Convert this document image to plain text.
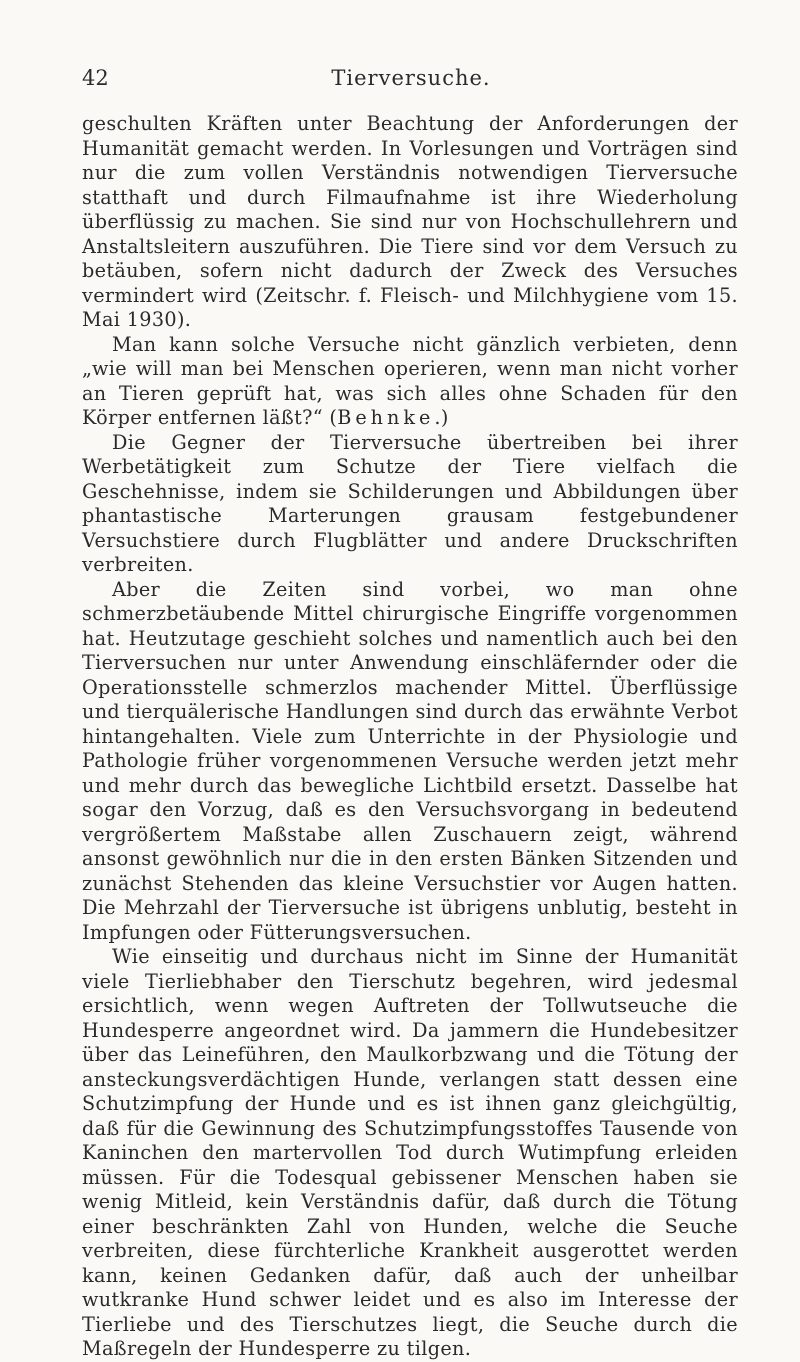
42	Tierversuche.

geschulten Kräften unter Beachtung der Anforderungen der Humanität gemacht werden. In Vorlesungen und Vorträgen sind nur die zum vollen Verständnis notwendigen Tierversuche statthaft und durch Filmaufnahme ist ihre Wiederholung überflüssig zu machen. Sie sind nur von Hochschullehrern und Anstaltsleitern auszuführen. Die Tiere sind vor dem Versuch zu betäuben, sofern nicht dadurch der Zweck des Versuches vermindert wird (Zeitschr. f. Fleisch- und Milchhygiene vom 15. Mai 1930).

Man kann solche Versuche nicht gänzlich verbieten, denn „wie will man bei Menschen operieren, wenn man nicht vorher an Tieren geprüft hat, was sich alles ohne Schaden für den Körper entfernen läßt?“ (Behnke.)

Die Gegner der Tierversuche übertreiben bei ihrer Werbetätigkeit zum Schutze der Tiere vielfach die Geschehnisse, indem sie Schilderungen und Abbildungen über phantastische Marterungen grausam festgebundener Versuchstiere durch Flugblätter und andere Druckschriften verbreiten.

Aber die Zeiten sind vorbei, wo man ohne schmerzbetäubende Mittel chirurgische Eingriffe vorgenommen hat. Heutzutage geschieht solches und namentlich auch bei den Tierversuchen nur unter Anwendung einschläfernder oder die Operationsstelle schmerzlos machender Mittel. Überflüssige und tierquälerische Handlungen sind durch das erwähnte Verbot hintangehalten. Viele zum Unterrichte in der Physiologie und Pathologie früher vorgenommenen Versuche werden jetzt mehr und mehr durch das bewegliche Lichtbild ersetzt. Dasselbe hat sogar den Vorzug, daß es den Versuchsvorgang in bedeutend vergrößertem Maßstabe allen Zuschauern zeigt, während ansonst gewöhnlich nur die in den ersten Bänken Sitzenden und zunächst Stehenden das kleine Versuchstier vor Augen hatten. Die Mehrzahl der Tierversuche ist übrigens unblutig, besteht in Impfungen oder Fütterungsversuchen.

Wie einseitig und durchaus nicht im Sinne der Humanität viele Tierliebhaber den Tierschutz begehren, wird jedesmal ersichtlich, wenn wegen Auftreten der Tollwutseuche die Hundesperre angeordnet wird. Da jammern die Hundebesitzer über das Leineführen, den Maulkorbzwang und die Tötung der ansteckungsverdächtigen Hunde, verlangen statt dessen eine Schutzimpfung der Hunde und es ist ihnen ganz gleichgültig, daß für die Gewinnung des Schutzimpfungsstoffes Tausende von Kaninchen den martervollen Tod durch Wutimpfung erleiden müssen. Für die Todesqual gebissener Menschen haben sie wenig Mitleid, kein Verständnis dafür, daß durch die Tötung einer beschränkten Zahl von Hunden, welche die Seuche verbreiten, diese fürchterliche Krankheit ausgerottet werden kann, keinen Gedanken dafür, daß auch der unheilbar wutkranke Hund schwer leidet und es also im Interesse der Tierliebe und des Tierschutzes liegt, die Seuche durch die Maßregeln der Hundesperre zu tilgen.
